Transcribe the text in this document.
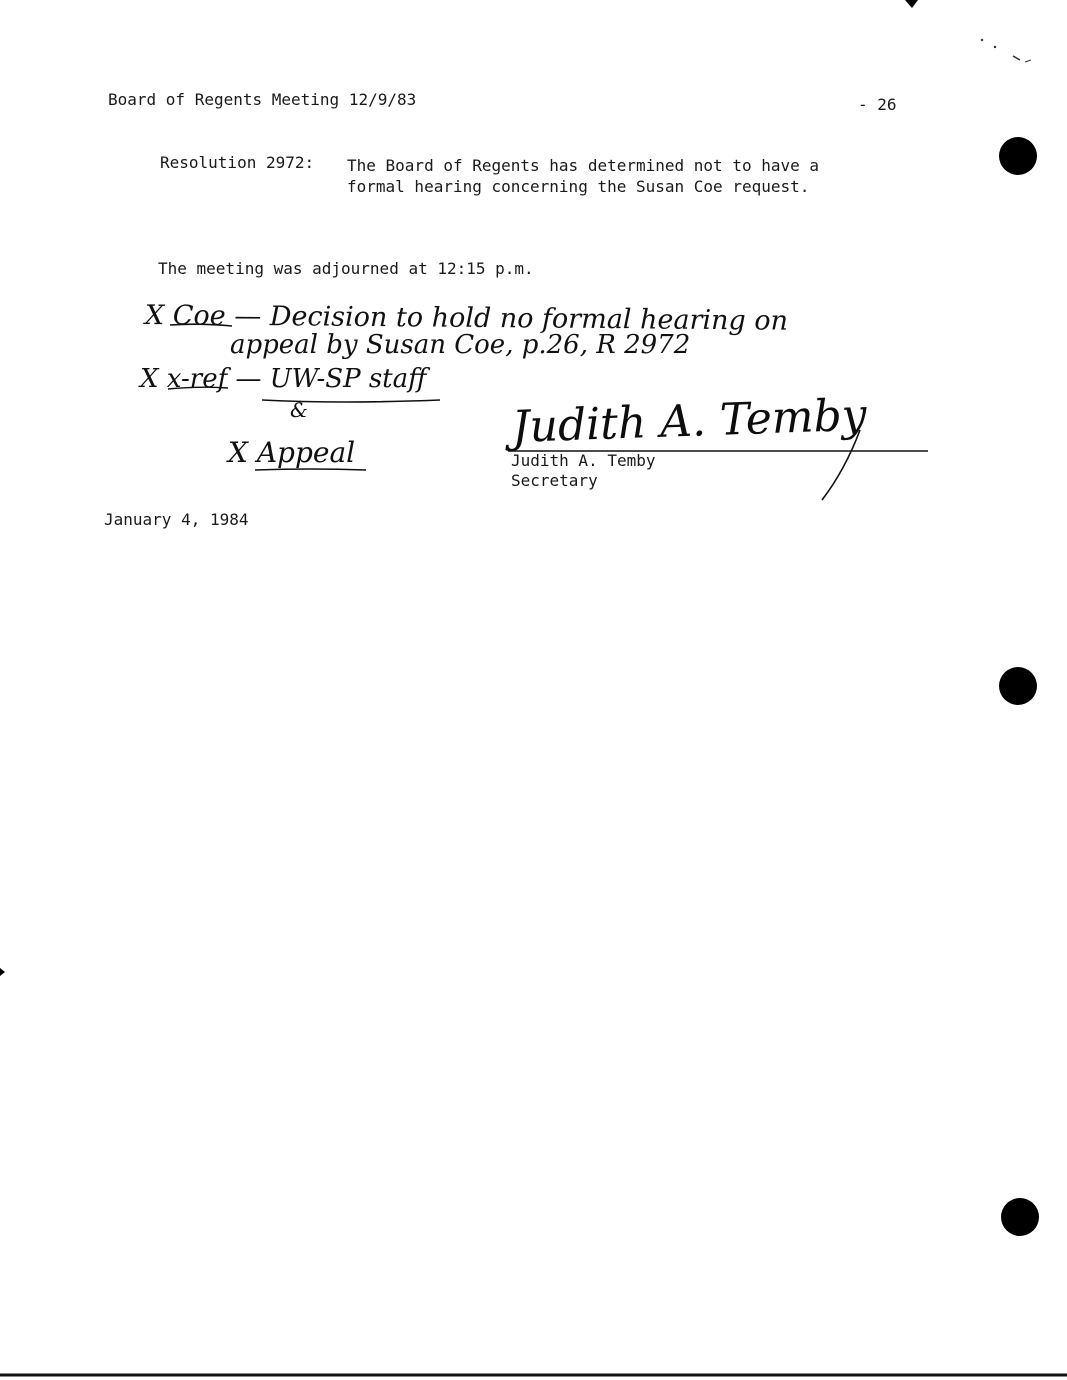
Board of Regents Meeting 12/9/83	- 26
Resolution 2972: The Board of Regents has determined not to have a
formal hearing concerning the Susan Coe request.
The meeting was adjourned at 12:15 p.m.
X Coe — Decision to hold no formal hearing on
appeal by Susan Coe, p.26, R 2972
X x-ref — UW-SP staff
&
X Appeal	Judith A. Temby
Judith A. Temby
Secretary
January 4, 1984
